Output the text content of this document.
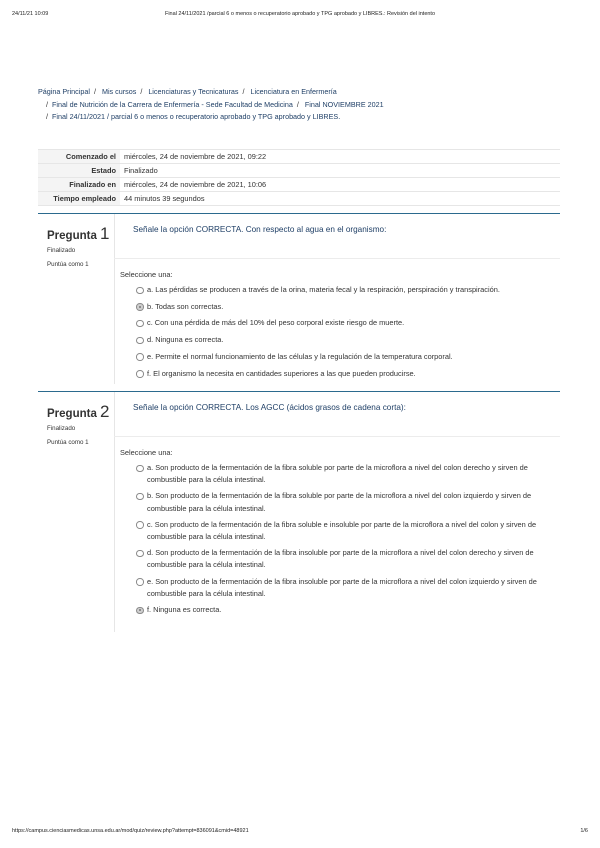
24/11/21 10:09	Final 24/11/2021 /parcial 6 o menos o recuperatorio aprobado y TPG aprobado y LIBRES.: Revisión del intento
Página Principal / Mis cursos / Licenciaturas y Tecnicaturas / Licenciatura en Enfermería
/ Final de Nutrición de la Carrera de Enfermería - Sede Facultad de Medicina / Final NOVIEMBRE 2021
/ Final 24/11/2021 / parcial 6 o menos o recuperatorio aprobado y TPG aprobado y LIBRES.
Comenzado el	miércoles, 24 de noviembre de 2021, 09:22
Estado	Finalizado
Finalizado en	miércoles, 24 de noviembre de 2021, 10:06
Tiempo empleado	44 minutos 39 segundos
Pregunta 1
Finalizado
Puntúa como 1
Señale la opción CORRECTA. Con respecto al agua en el organismo:
Seleccione una:
a. Las pérdidas se producen a través de la orina, materia fecal y la respiración, perspiración y transpiración.
b. Todas son correctas.
c. Con una pérdida de más del 10% del peso corporal existe riesgo de muerte.
d. Ninguna es correcta.
e. Permite el normal funcionamiento de las células y la regulación de la temperatura corporal.
f. El organismo la necesita en cantidades superiores a las que pueden producirse.
Pregunta 2
Finalizado
Puntúa como 1
Señale la opción CORRECTA. Los AGCC (ácidos grasos de cadena corta):
Seleccione una:
a. Son producto de la fermentación de la fibra soluble por parte de la microflora a nivel del colon derecho y sirven de combustible para la célula intestinal.
b. Son producto de la fermentación de la fibra soluble por parte de la microflora a nivel del colon izquierdo y sirven de combustible para la célula intestinal.
c. Son producto de la fermentación de la fibra soluble e insoluble por parte de la microflora a nivel del colon y sirven de combustible para la célula intestinal.
d. Son producto de la fermentación de la fibra insoluble por parte de la microflora a nivel del colon derecho y sirven de combustible para la célula intestinal.
e. Son producto de la fermentación de la fibra insoluble por parte de la microflora a nivel del colon izquierdo y sirven de combustible para la célula intestinal.
f. Ninguna es correcta.
https://campus.cienciasmedicas.unsa.edu.ar/mod/quiz/review.php?attempt=836091&cmid=48921	1/6
